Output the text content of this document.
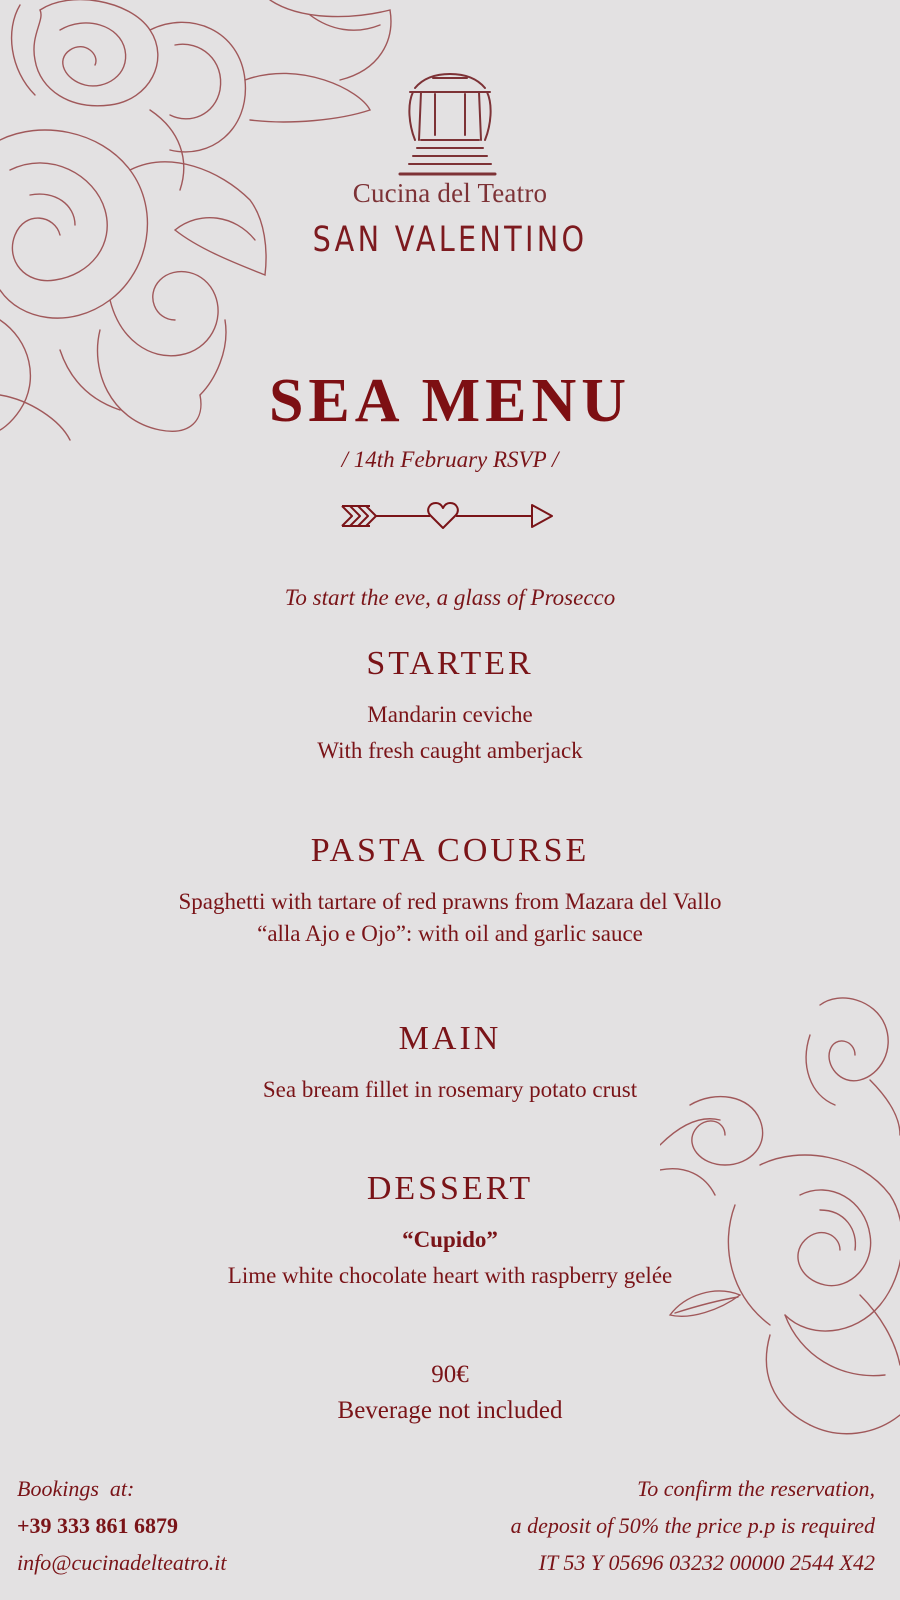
Cucina del Teatro
SAN VALENTINO
SEA MENU
/ 14th February RSVP /
To start the eve, a glass of Prosecco
STARTER
Mandarin ceviche
With fresh caught amberjack
PASTA COURSE
Spaghetti with tartare of red prawns from Mazara del Vallo
“alla Ajo e Ojo”: with oil and garlic sauce
MAIN
Sea bream fillet in rosemary potato crust
DESSERT
“Cupido”
Lime white chocolate heart with raspberry gelée
90€
Beverage not included
Bookings  at:
+39 333 861 6879
info@cucinadelteatro.it
To confirm the reservation,
a deposit of 50% the price p.p is required
IT 53 Y 05696 03232 00000 2544 X42
